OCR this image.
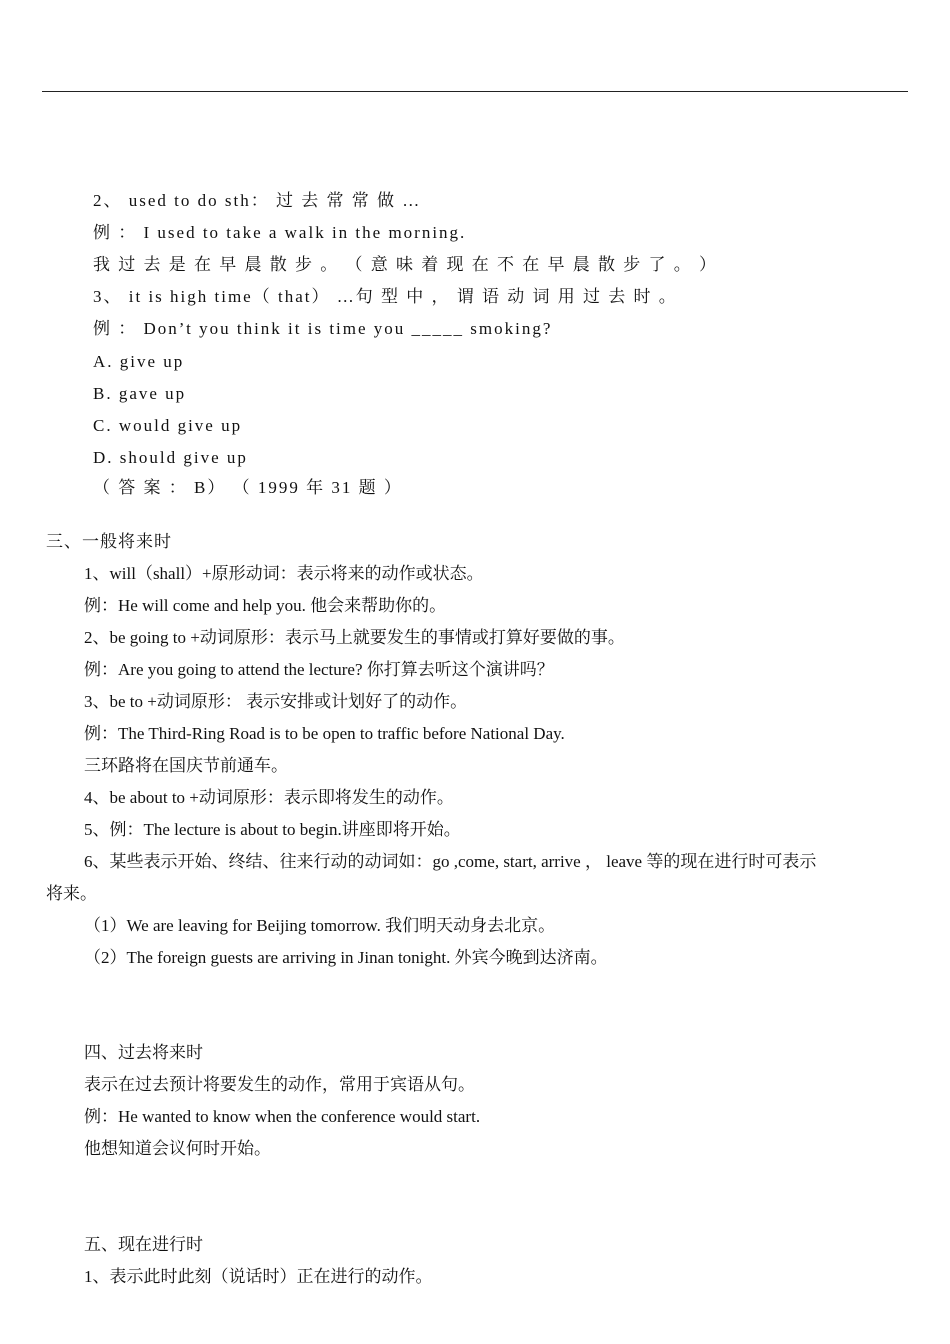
2、 used to do sth： 过 去 常 常 做 …
例 ： I used to take a walk in the morning.
我 过 去 是 在 早 晨 散 步 。 （ 意 味 着 现 在 不 在 早 晨 散 步 了 。 ）
3、 it is high time（ that） …句 型 中 ， 谓 语 动 词 用 过 去 时 。
例 ： Don’t you think it is time you _____ smoking?
A. give up
B. gave up
C. would give up
D. should give up
（ 答 案 ： B） （ 1999 年 31 题 ）
三、一般将来时
1、will（shall）+原形动词：表示将来的动作或状态。
例：He will come and help you. 他会来帮助你的。
2、be going to +动词原形：表示马上就要发生的事情或打算好要做的事。
例：Are you going to attend the lecture? 你打算去听这个演讲吗？
3、be to +动词原形： 表示安排或计划好了的动作。
例：The Third-Ring Road is to be open to traffic before National Day.
三环路将在国庆节前通车。
4、be about to +动词原形：表示即将发生的动作。
5、例：The lecture is about to begin.讲座即将开始。
6、某些表示开始、终结、往来行动的动词如：go ,come, start, arrive ， leave 等的现在进行时可表示
将来。
（1）We are leaving for Beijing tomorrow. 我们明天动身去北京。
（2）The foreign guests are arriving in Jinan tonight. 外宾今晚到达济南。
四、过去将来时
表示在过去预计将要发生的动作，常用于宾语从句。
例：He wanted to know when the conference would start.
他想知道会议何时开始。
五、现在进行时
1、表示此时此刻（说话时）正在进行的动作。
